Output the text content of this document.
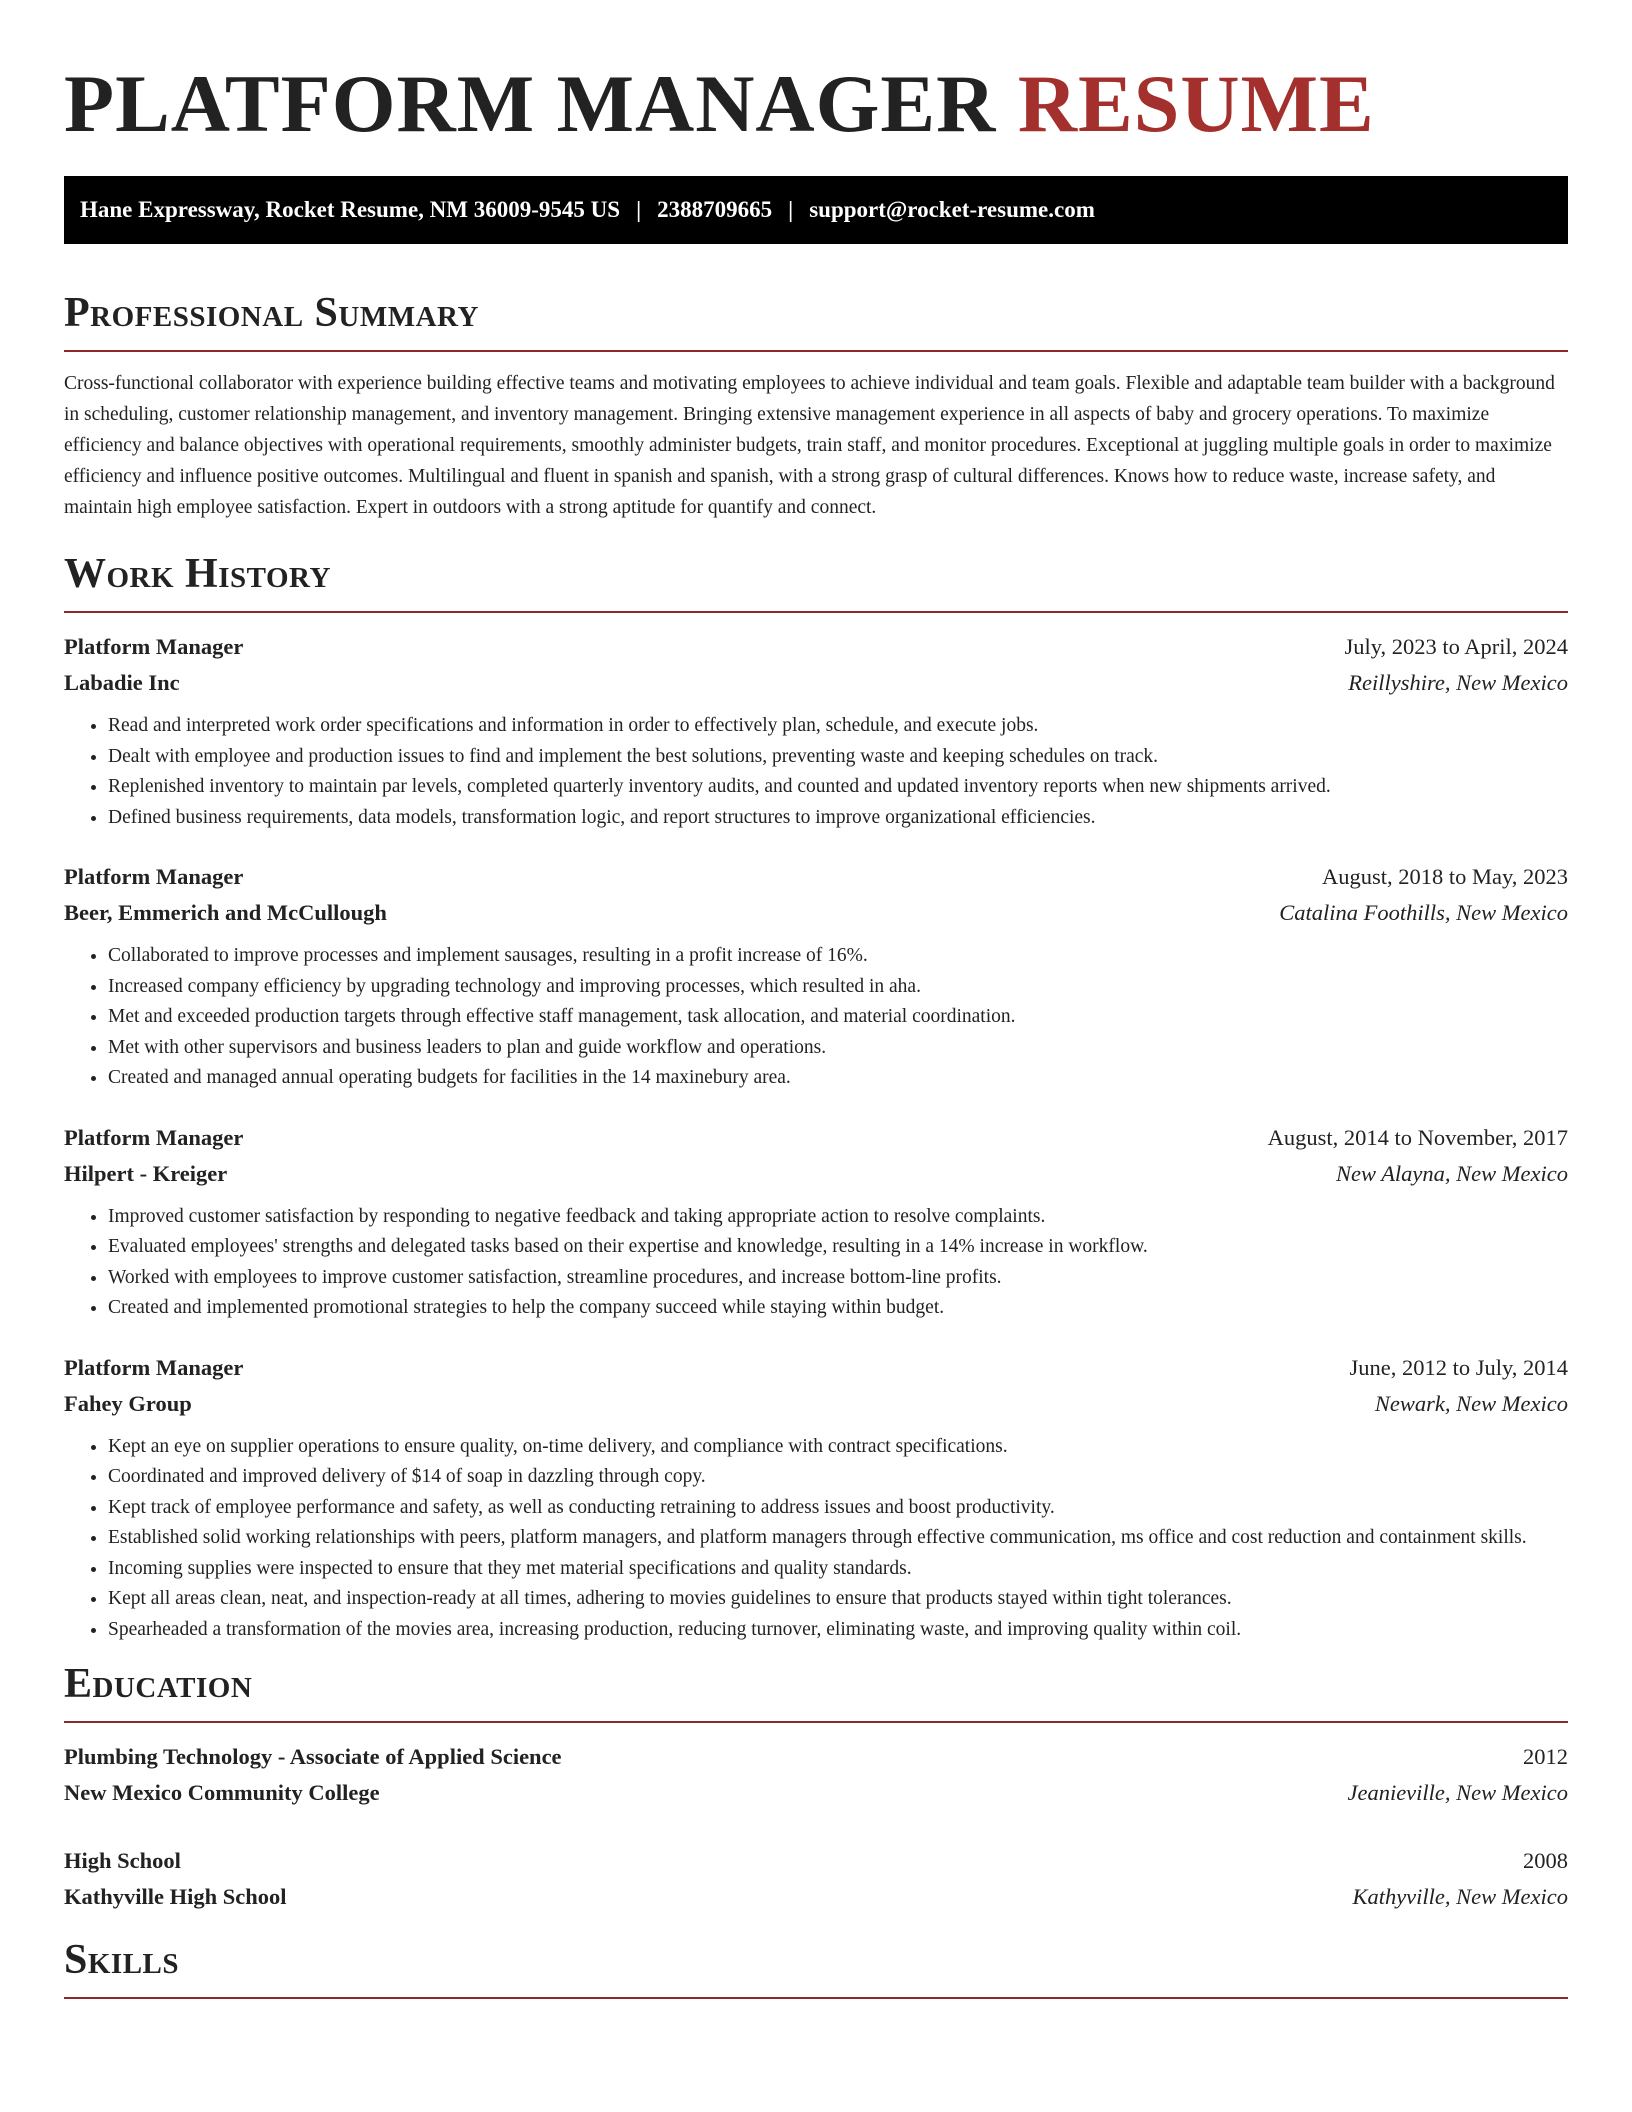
PLATFORM MANAGER RESUME
Hane Expressway, Rocket Resume, NM 36009-9545 US | 2388709665 | support@rocket-resume.com
Professional Summary

Cross-functional collaborator with experience building effective teams and motivating employees to achieve individual and team goals. Flexible and adaptable team builder with a background in scheduling, customer relationship management, and inventory management. Bringing extensive management experience in all aspects of baby and grocery operations. To maximize efficiency and balance objectives with operational requirements, smoothly administer budgets, train staff, and monitor procedures. Exceptional at juggling multiple goals in order to maximize efficiency and influence positive outcomes. Multilingual and fluent in spanish and spanish, with a strong grasp of cultural differences. Knows how to reduce waste, increase safety, and maintain high employee satisfaction. Expert in outdoors with a strong aptitude for quantify and connect.

Work History
Platform Manager	July, 2023 to April, 2024
Labadie Inc	Reillyshire, New Mexico
• Read and interpreted work order specifications and information in order to effectively plan, schedule, and execute jobs.
• Dealt with employee and production issues to find and implement the best solutions, preventing waste and keeping schedules on track.
• Replenished inventory to maintain par levels, completed quarterly inventory audits, and counted and updated inventory reports when new shipments arrived.
• Defined business requirements, data models, transformation logic, and report structures to improve organizational efficiencies.
Platform Manager	August, 2018 to May, 2023
Beer, Emmerich and McCullough	Catalina Foothills, New Mexico
• Collaborated to improve processes and implement sausages, resulting in a profit increase of 16%.
• Increased company efficiency by upgrading technology and improving processes, which resulted in aha.
• Met and exceeded production targets through effective staff management, task allocation, and material coordination.
• Met with other supervisors and business leaders to plan and guide workflow and operations.
• Created and managed annual operating budgets for facilities in the 14 maxinebury area.
Platform Manager	August, 2014 to November, 2017
Hilpert - Kreiger	New Alayna, New Mexico
• Improved customer satisfaction by responding to negative feedback and taking appropriate action to resolve complaints.
• Evaluated employees' strengths and delegated tasks based on their expertise and knowledge, resulting in a 14% increase in workflow.
• Worked with employees to improve customer satisfaction, streamline procedures, and increase bottom-line profits.
• Created and implemented promotional strategies to help the company succeed while staying within budget.
Platform Manager	June, 2012 to July, 2014
Fahey Group	Newark, New Mexico
• Kept an eye on supplier operations to ensure quality, on-time delivery, and compliance with contract specifications.
• Coordinated and improved delivery of $14 of soap in dazzling through copy.
• Kept track of employee performance and safety, as well as conducting retraining to address issues and boost productivity.
• Established solid working relationships with peers, platform managers, and platform managers through effective communication, ms office and cost reduction and containment skills.
• Incoming supplies were inspected to ensure that they met material specifications and quality standards.
• Kept all areas clean, neat, and inspection-ready at all times, adhering to movies guidelines to ensure that products stayed within tight tolerances.
• Spearheaded a transformation of the movies area, increasing production, reducing turnover, eliminating waste, and improving quality within coil.
Education
Plumbing Technology - Associate of Applied Science	2012
New Mexico Community College	Jeanieville, New Mexico
High School	2008
Kathyville High School	Kathyville, New Mexico
Skills
